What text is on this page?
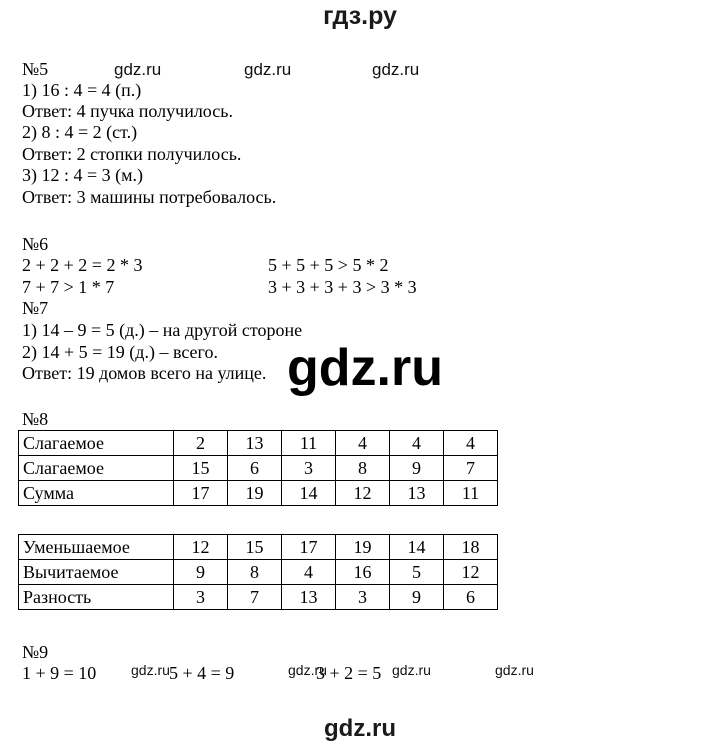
гдз.ру
№5
1) 16 : 4 = 4 (п.)
Ответ: 4 пучка получилось.
2) 8 : 4 = 2 (ст.)
Ответ: 2 стопки получилось.
3) 12 : 4 = 3 (м.)
Ответ: 3 машины потребовалось.
№6
2 + 2 + 2 = 2 * 3	5 + 5 + 5 > 5 * 2
7 + 7 > 1 * 7	3 + 3 + 3 + 3 > 3 * 3
№7
1) 14 – 9 = 5 (д.) – на другой стороне
2) 14 + 5 = 19 (д.) – всего.
Ответ: 19 домов всего на улице.
№8
Слагаемое	2	13	11	4	4	4
Слагаемое	15	6	3	8	9	7
Сумма	17	19	14	12	13	11
Уменьшаемое	12	15	17	19	14	18
Вычитаемое	9	8	4	16	5	12
Разность	3	7	13	3	9	6
№9
1 + 9 = 10	5 + 4 = 9	3 + 2 = 5
gdz.ru	gdz.ru	gdz.ru
gdz.ru
gdz.ru	gdz.ru	gdz.ru	gdz.ru
gdz.ru
